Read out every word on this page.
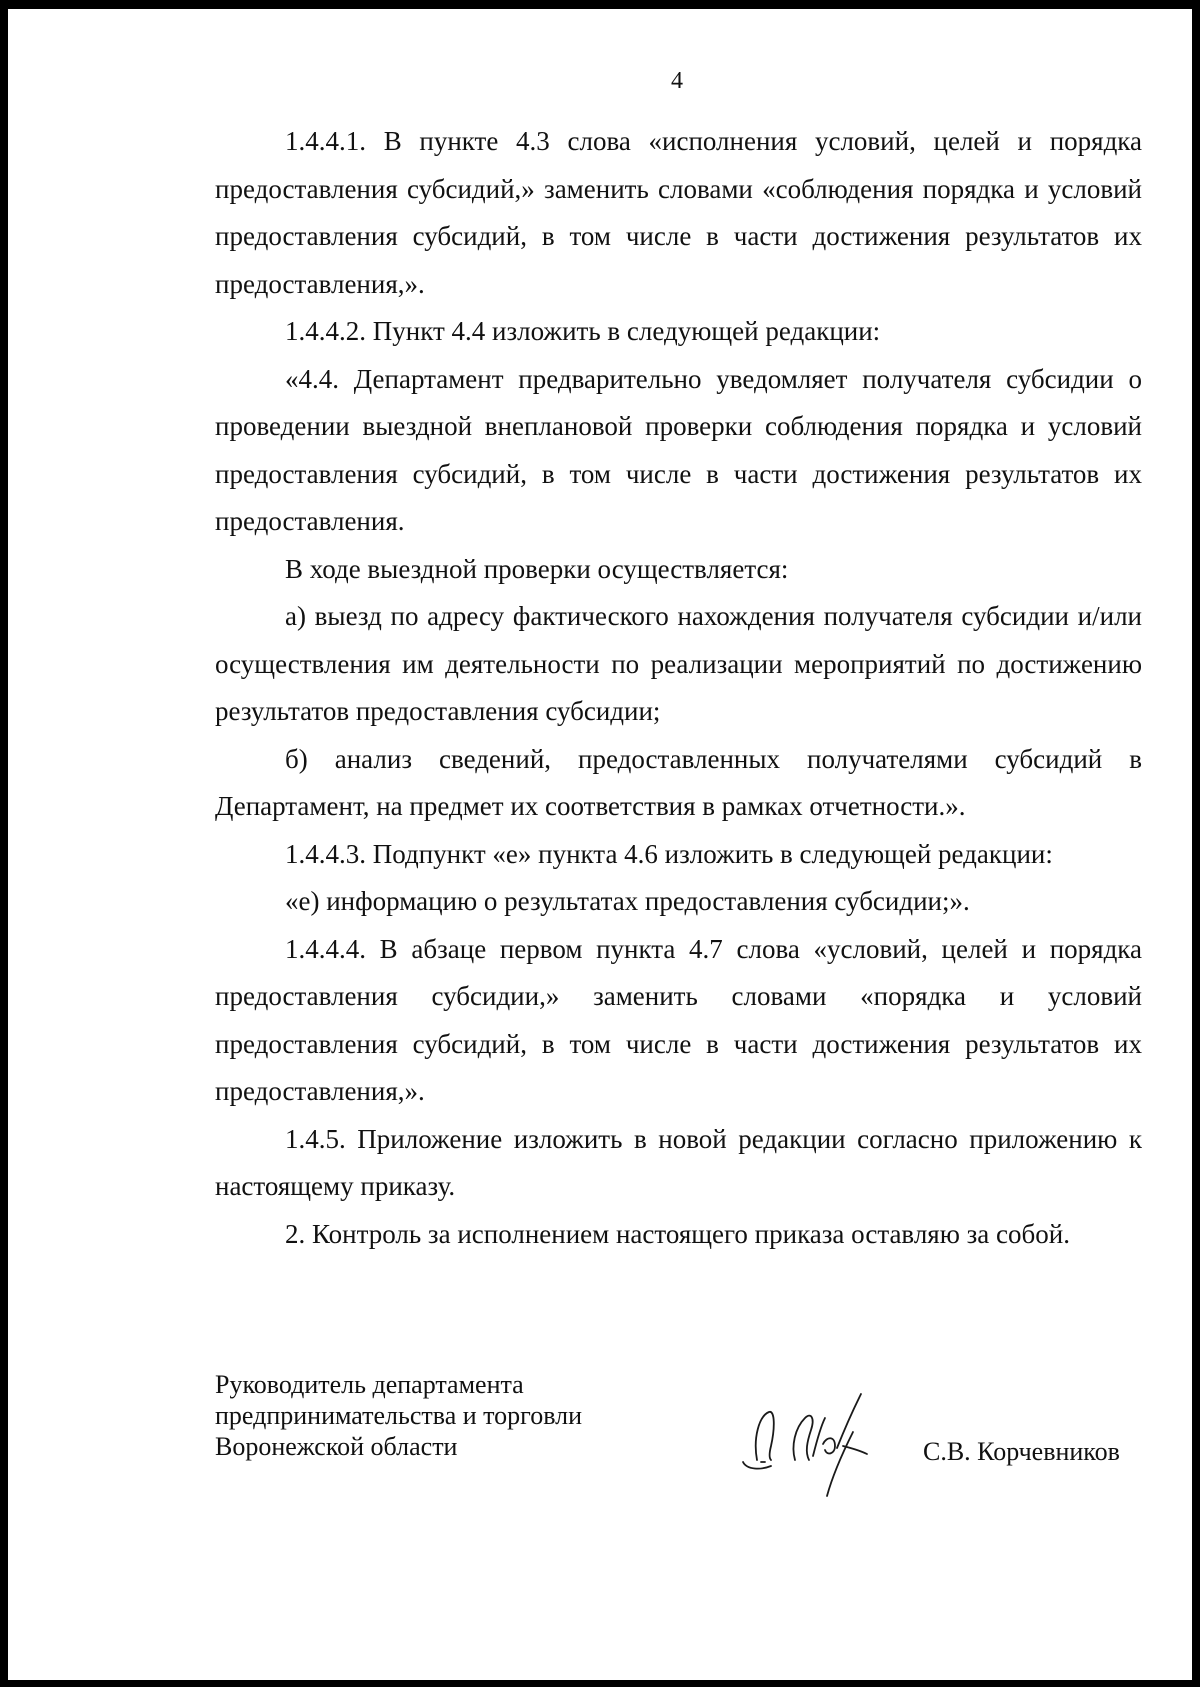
4

1.4.4.1. В пункте 4.3 слова «исполнения условий, целей и порядка предоставления субсидий,» заменить словами «соблюдения порядка и условий предоставления субсидий, в том числе в части достижения результатов их предоставления,».

1.4.4.2. Пункт 4.4 изложить в следующей редакции:

«4.4. Департамент предварительно уведомляет получателя субсидии о проведении выездной внеплановой проверки соблюдения порядка и условий предоставления субсидий, в том числе в части достижения результатов их предоставления.

В ходе выездной проверки осуществляется:

а) выезд по адресу фактического нахождения получателя субсидии и/или осуществления им деятельности по реализации мероприятий по достижению результатов предоставления субсидии;

б) анализ сведений, предоставленных получателями субсидий в Департамент, на предмет их соответствия в рамках отчетности.».

1.4.4.3. Подпункт «е» пункта 4.6 изложить в следующей редакции:

«е) информацию о результатах предоставления субсидии;».

1.4.4.4. В абзаце первом пункта 4.7 слова «условий, целей и порядка предоставления субсидии,» заменить словами «порядка и условий предоставления субсидий, в том числе в части достижения результатов их предоставления,».

1.4.5. Приложение изложить в новой редакции согласно приложению к настоящему приказу.

2. Контроль за исполнением настоящего приказа оставляю за собой.

Руководитель департамента
предпринимательства и торговли
Воронежской области	С.В. Корчевников
